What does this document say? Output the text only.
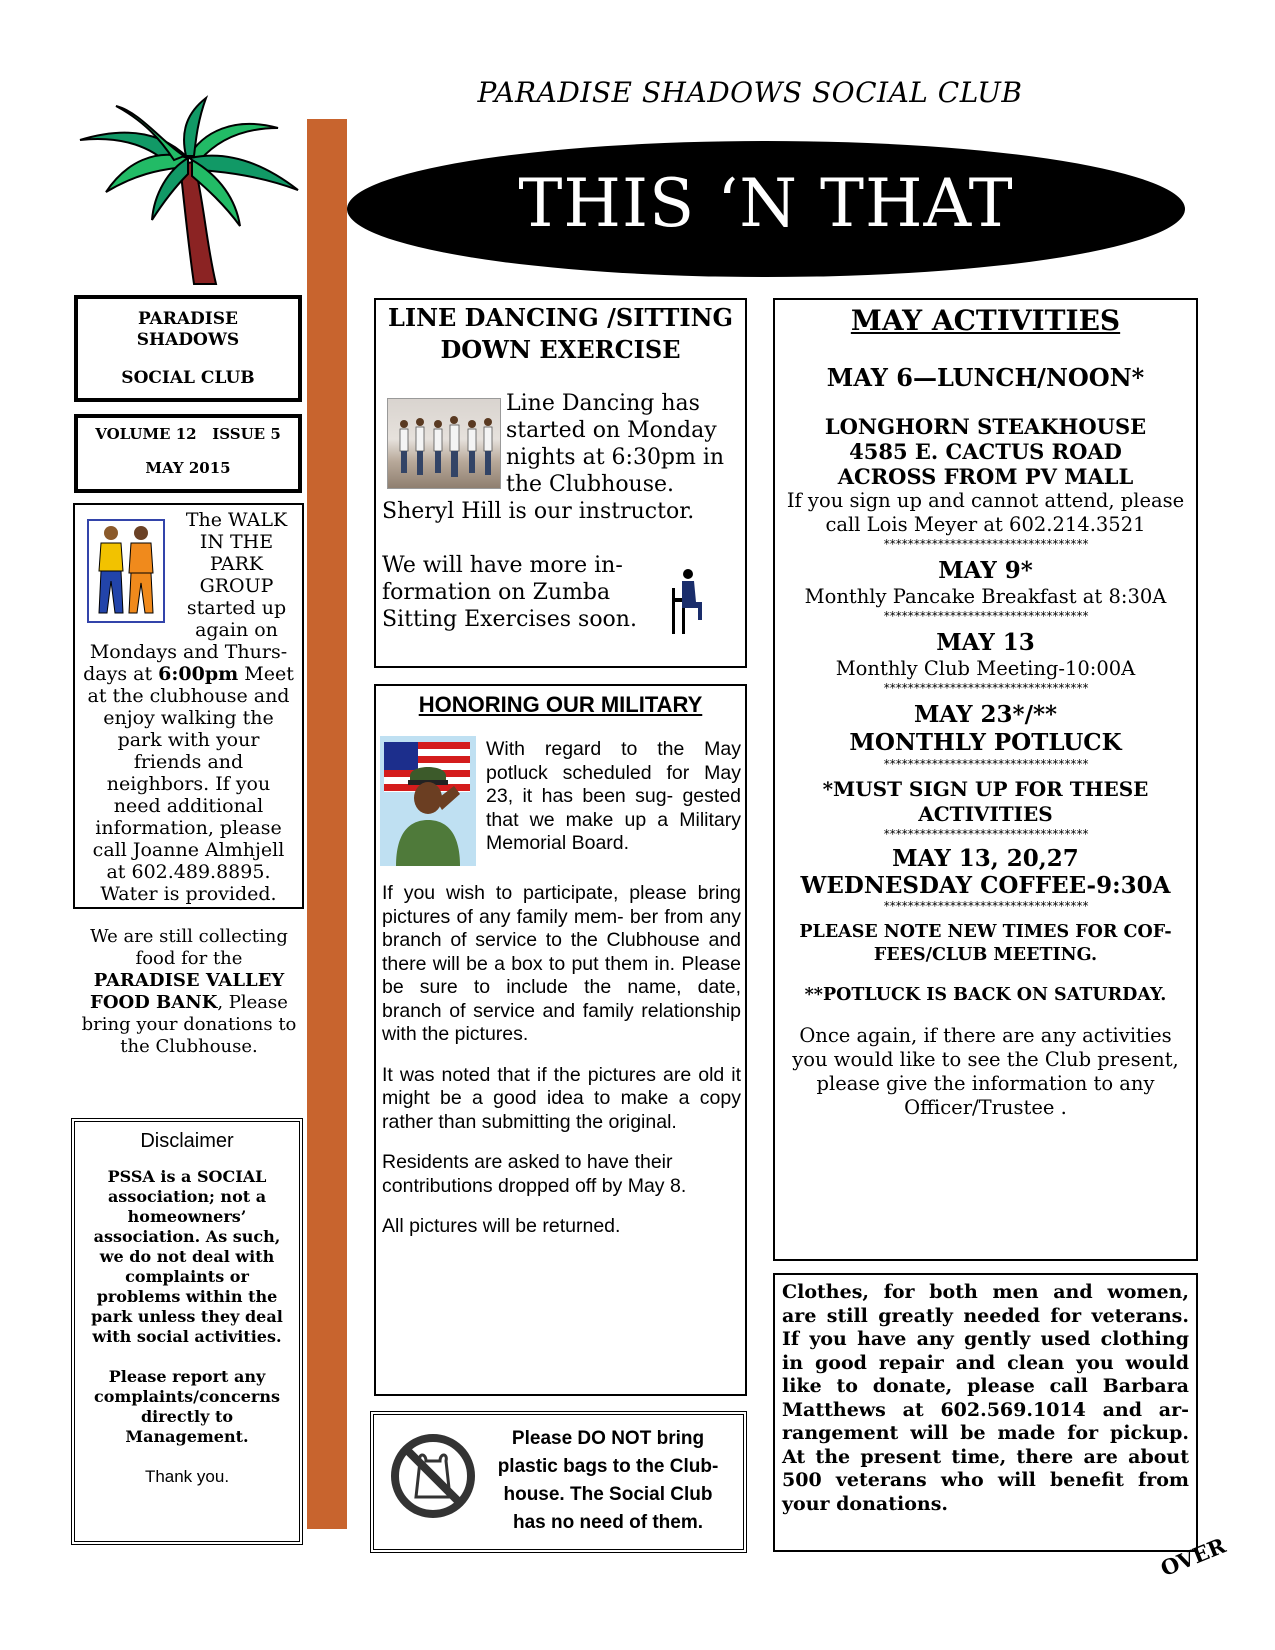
PARADISE SHADOWS SOCIAL CLUB
THIS ‘N THAT
PARADISE
SHADOWS
SOCIAL CLUB
VOLUME 12   ISSUE 5
MAY 2015
The WALK
IN THE
PARK
GROUP
started up
again on
Mondays and Thurs- days at 6:00pm Meet at the clubhouse and enjoy walking the park with your friends and neighbors. If you need additional information, please call Joanne Almhjell at 602.489.8895.
Water is provided.
We are still collecting food for the
PARADISE VALLEY FOOD BANK, Please bring your donations to the Clubhouse.
Disclaimer
PSSA is a SOCIAL association; not a homeowners’ association. As such, we do not deal with complaints or problems within the park unless they deal with social activities.
Please report any complaints/concerns directly to Management.
Thank you.
LINE DANCING /SITTING DOWN EXERCISE
Line Dancing has
started on Monday
nights at 6:30pm in
the Clubhouse.
Sheryl Hill is our instructor.
We will have more in-
formation on Zumba
Sitting Exercises soon.
HONORING OUR MILITARY
With regard to the May potluck scheduled for May 23, it has been sug- gested that we make up a Military Memorial Board.

If you wish to participate, please bring pictures of any family mem- ber from any branch of service to the Clubhouse and there will be a box to put them in. Please be sure to include the name, date, branch of service and family relationship with the pictures.

It was noted that if the pictures are old it might be a good idea to make a copy rather than submitting the original.

Residents are asked to have their contributions dropped off by May 8.

All pictures will be returned.

Please DO NOT bring plastic bags to the Club- house. The Social Club has no need of them.
MAY ACTIVITIES
MAY 6—LUNCH/NOON*
LONGHORN STEAKHOUSE
4585 E. CACTUS ROAD
ACROSS FROM PV MALL
If you sign up and cannot attend, please call Lois Meyer at 602.214.3521
**********************************
MAY 9*
Monthly Pancake Breakfast at 8:30A
**********************************
MAY 13
Monthly Club Meeting-10:00A
**********************************
MAY 23*/**
MONTHLY POTLUCK
**********************************
*MUST SIGN UP FOR THESE ACTIVITIES
**********************************
MAY 13, 20,27
WEDNESDAY COFFEE-9:30A
**********************************
PLEASE NOTE NEW TIMES FOR COF- FEES/CLUB MEETING.
**POTLUCK IS BACK ON SATURDAY.
Once again, if there are any activities you would like to see the Club present, please give the information to any Officer/Trustee .
Clothes, for both men and women, are still greatly needed for veterans. If you have any gently used clothing in good repair and clean you would like to donate, please call Barbara Matthews at 602.569.1014 and ar- rangement will be made for pickup. At the present time, there are about 500 veterans who will benefit from your donations.
OVER
